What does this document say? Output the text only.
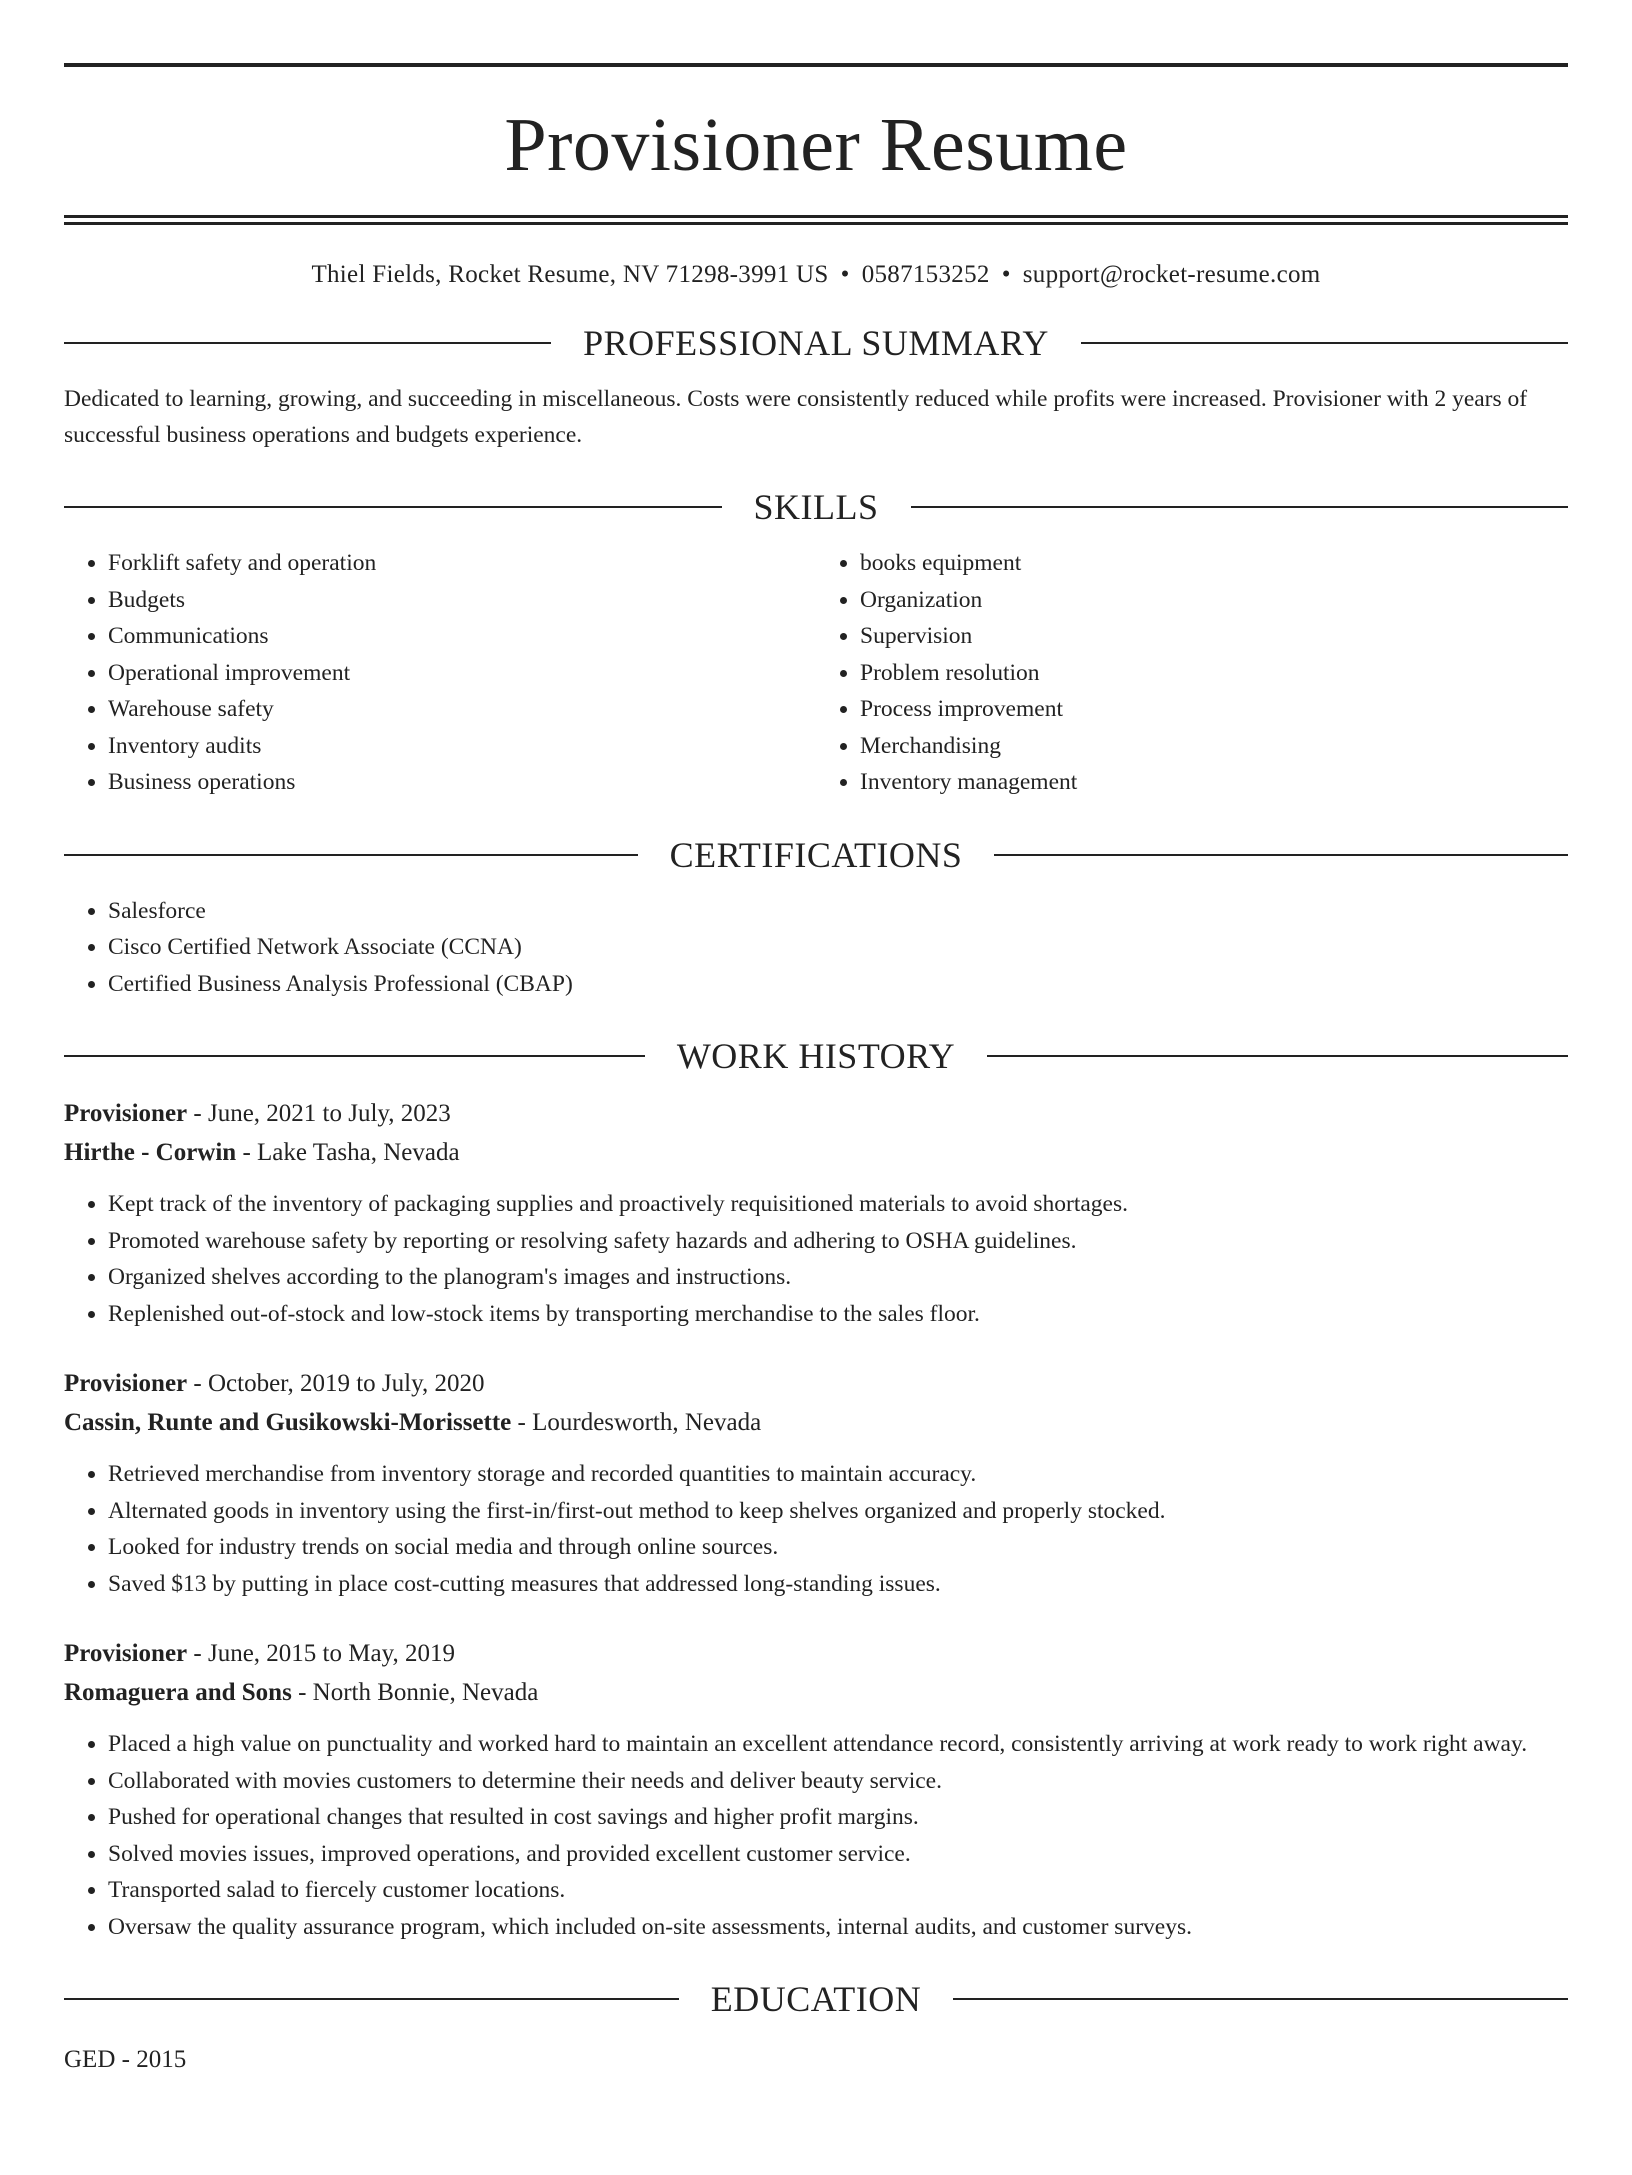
Provisioner Resume
Thiel Fields, Rocket Resume, NV 71298-3991 US • 0587153252 • support@rocket-resume.com
PROFESSIONAL SUMMARY
Dedicated to learning, growing, and succeeding in miscellaneous. Costs were consistently reduced while profits were increased. Provisioner with 2 years of successful business operations and budgets experience.
SKILLS
• Forklift safety and operation
• Budgets
• Communications
• Operational improvement
• Warehouse safety
• Inventory audits
• Business operations
• books equipment
• Organization
• Supervision
• Problem resolution
• Process improvement
• Merchandising
• Inventory management
CERTIFICATIONS
• Salesforce
• Cisco Certified Network Associate (CCNA)
• Certified Business Analysis Professional (CBAP)
WORK HISTORY
Provisioner - June, 2021 to July, 2023
Hirthe - Corwin - Lake Tasha, Nevada
• Kept track of the inventory of packaging supplies and proactively requisitioned materials to avoid shortages.
• Promoted warehouse safety by reporting or resolving safety hazards and adhering to OSHA guidelines.
• Organized shelves according to the planogram's images and instructions.
• Replenished out-of-stock and low-stock items by transporting merchandise to the sales floor.
Provisioner - October, 2019 to July, 2020
Cassin, Runte and Gusikowski-Morissette - Lourdesworth, Nevada
• Retrieved merchandise from inventory storage and recorded quantities to maintain accuracy.
• Alternated goods in inventory using the first-in/first-out method to keep shelves organized and properly stocked.
• Looked for industry trends on social media and through online sources.
• Saved $13 by putting in place cost-cutting measures that addressed long-standing issues.
Provisioner - June, 2015 to May, 2019
Romaguera and Sons - North Bonnie, Nevada
• Placed a high value on punctuality and worked hard to maintain an excellent attendance record, consistently arriving at work ready to work right away.
• Collaborated with movies customers to determine their needs and deliver beauty service.
• Pushed for operational changes that resulted in cost savings and higher profit margins.
• Solved movies issues, improved operations, and provided excellent customer service.
• Transported salad to fiercely customer locations.
• Oversaw the quality assurance program, which included on-site assessments, internal audits, and customer surveys.
EDUCATION
GED - 2015
